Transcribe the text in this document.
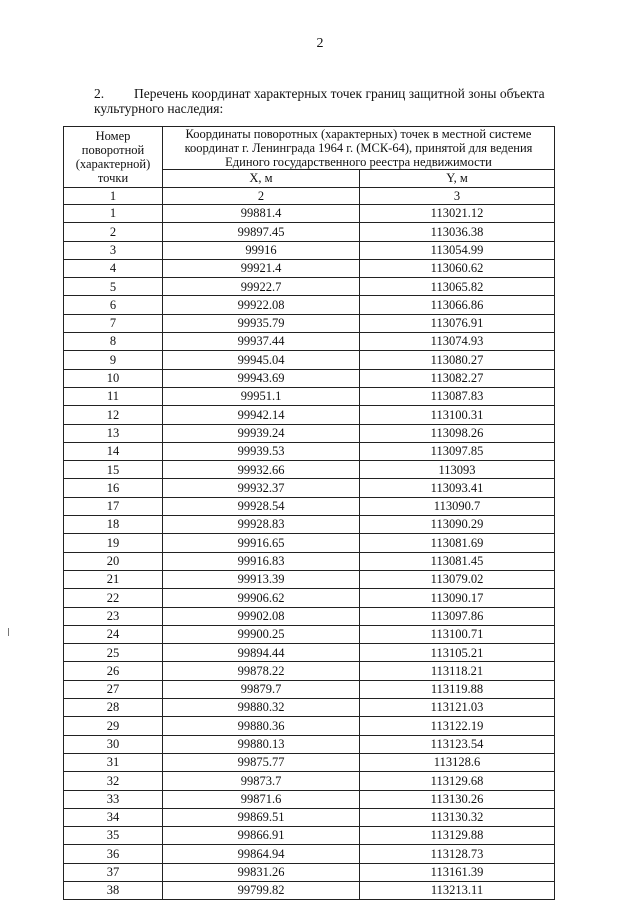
2
2. Перечень координат характерных точек границ защитной зоны объекта культурного наследия:
Номер
поворотной
(характерной)
точки	Координаты поворотных (характерных) точек в местной системе координат г. Ленинграда 1964 г. (МСК-64), принятой для ведения Единого государственного реестра недвижимости	
	X, м	Y, м
1	2	3
1	99881.4	113021.12
2	99897.45	113036.38
3	99916	113054.99
4	99921.4	113060.62
5	99922.7	113065.82
6	99922.08	113066.86
7	99935.79	113076.91
8	99937.44	113074.93
9	99945.04	113080.27
10	99943.69	113082.27
11	99951.1	113087.83
12	99942.14	113100.31
13	99939.24	113098.26
14	99939.53	113097.85
15	99932.66	113093
16	99932.37	113093.41
17	99928.54	113090.7
18	99928.83	113090.29
19	99916.65	113081.69
20	99916.83	113081.45
21	99913.39	113079.02
22	99906.62	113090.17
23	99902.08	113097.86
24	99900.25	113100.71
25	99894.44	113105.21
26	99878.22	113118.21
27	99879.7	113119.88
28	99880.32	113121.03
29	99880.36	113122.19
30	99880.13	113123.54
31	99875.77	113128.6
32	99873.7	113129.68
33	99871.6	113130.26
34	99869.51	113130.32
35	99866.91	113129.88
36	99864.94	113128.73
37	99831.26	113161.39
38	99799.82	113213.11
